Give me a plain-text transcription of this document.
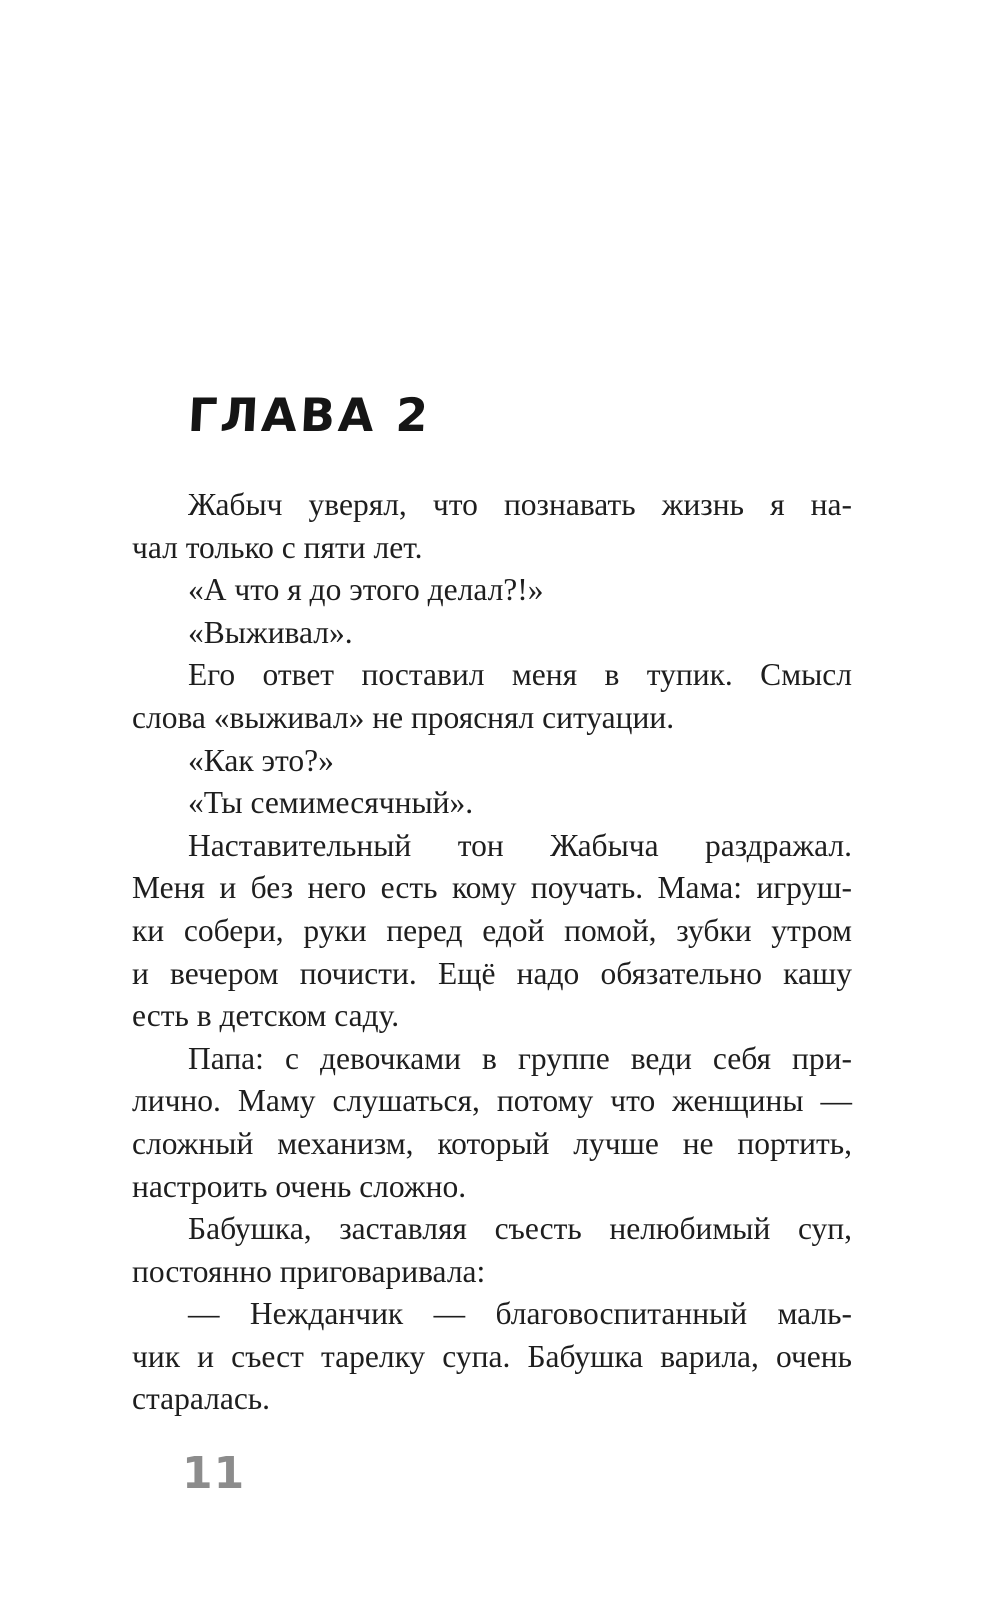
ГЛАВА 2
Жабыч уверял, что познавать жизнь я на-
чал только с пяти лет.
«А что я до этого делал?!»
«Выживал».
Его ответ поставил меня в тупик. Смысл
слова «выживал» не прояснял ситуации.
«Как это?»
«Ты семимесячный».
Наставительный тон Жабыча раздражал.
Меня и без него есть кому поучать. Мама: игруш-
ки собери, руки перед едой помой, зубки утром
и вечером почисти. Ещё надо обязательно кашу
есть в детском саду.
Папа: с девочками в группе веди себя при-
лично. Маму слушаться, потому что женщины —
сложный механизм, который лучше не портить,
настроить очень сложно.
Бабушка, заставляя съесть нелюбимый суп,
постоянно приговаривала:
— Нежданчик — благовоспитанный маль-
чик и съест тарелку супа. Бабушка варила, очень
старалась.
11
